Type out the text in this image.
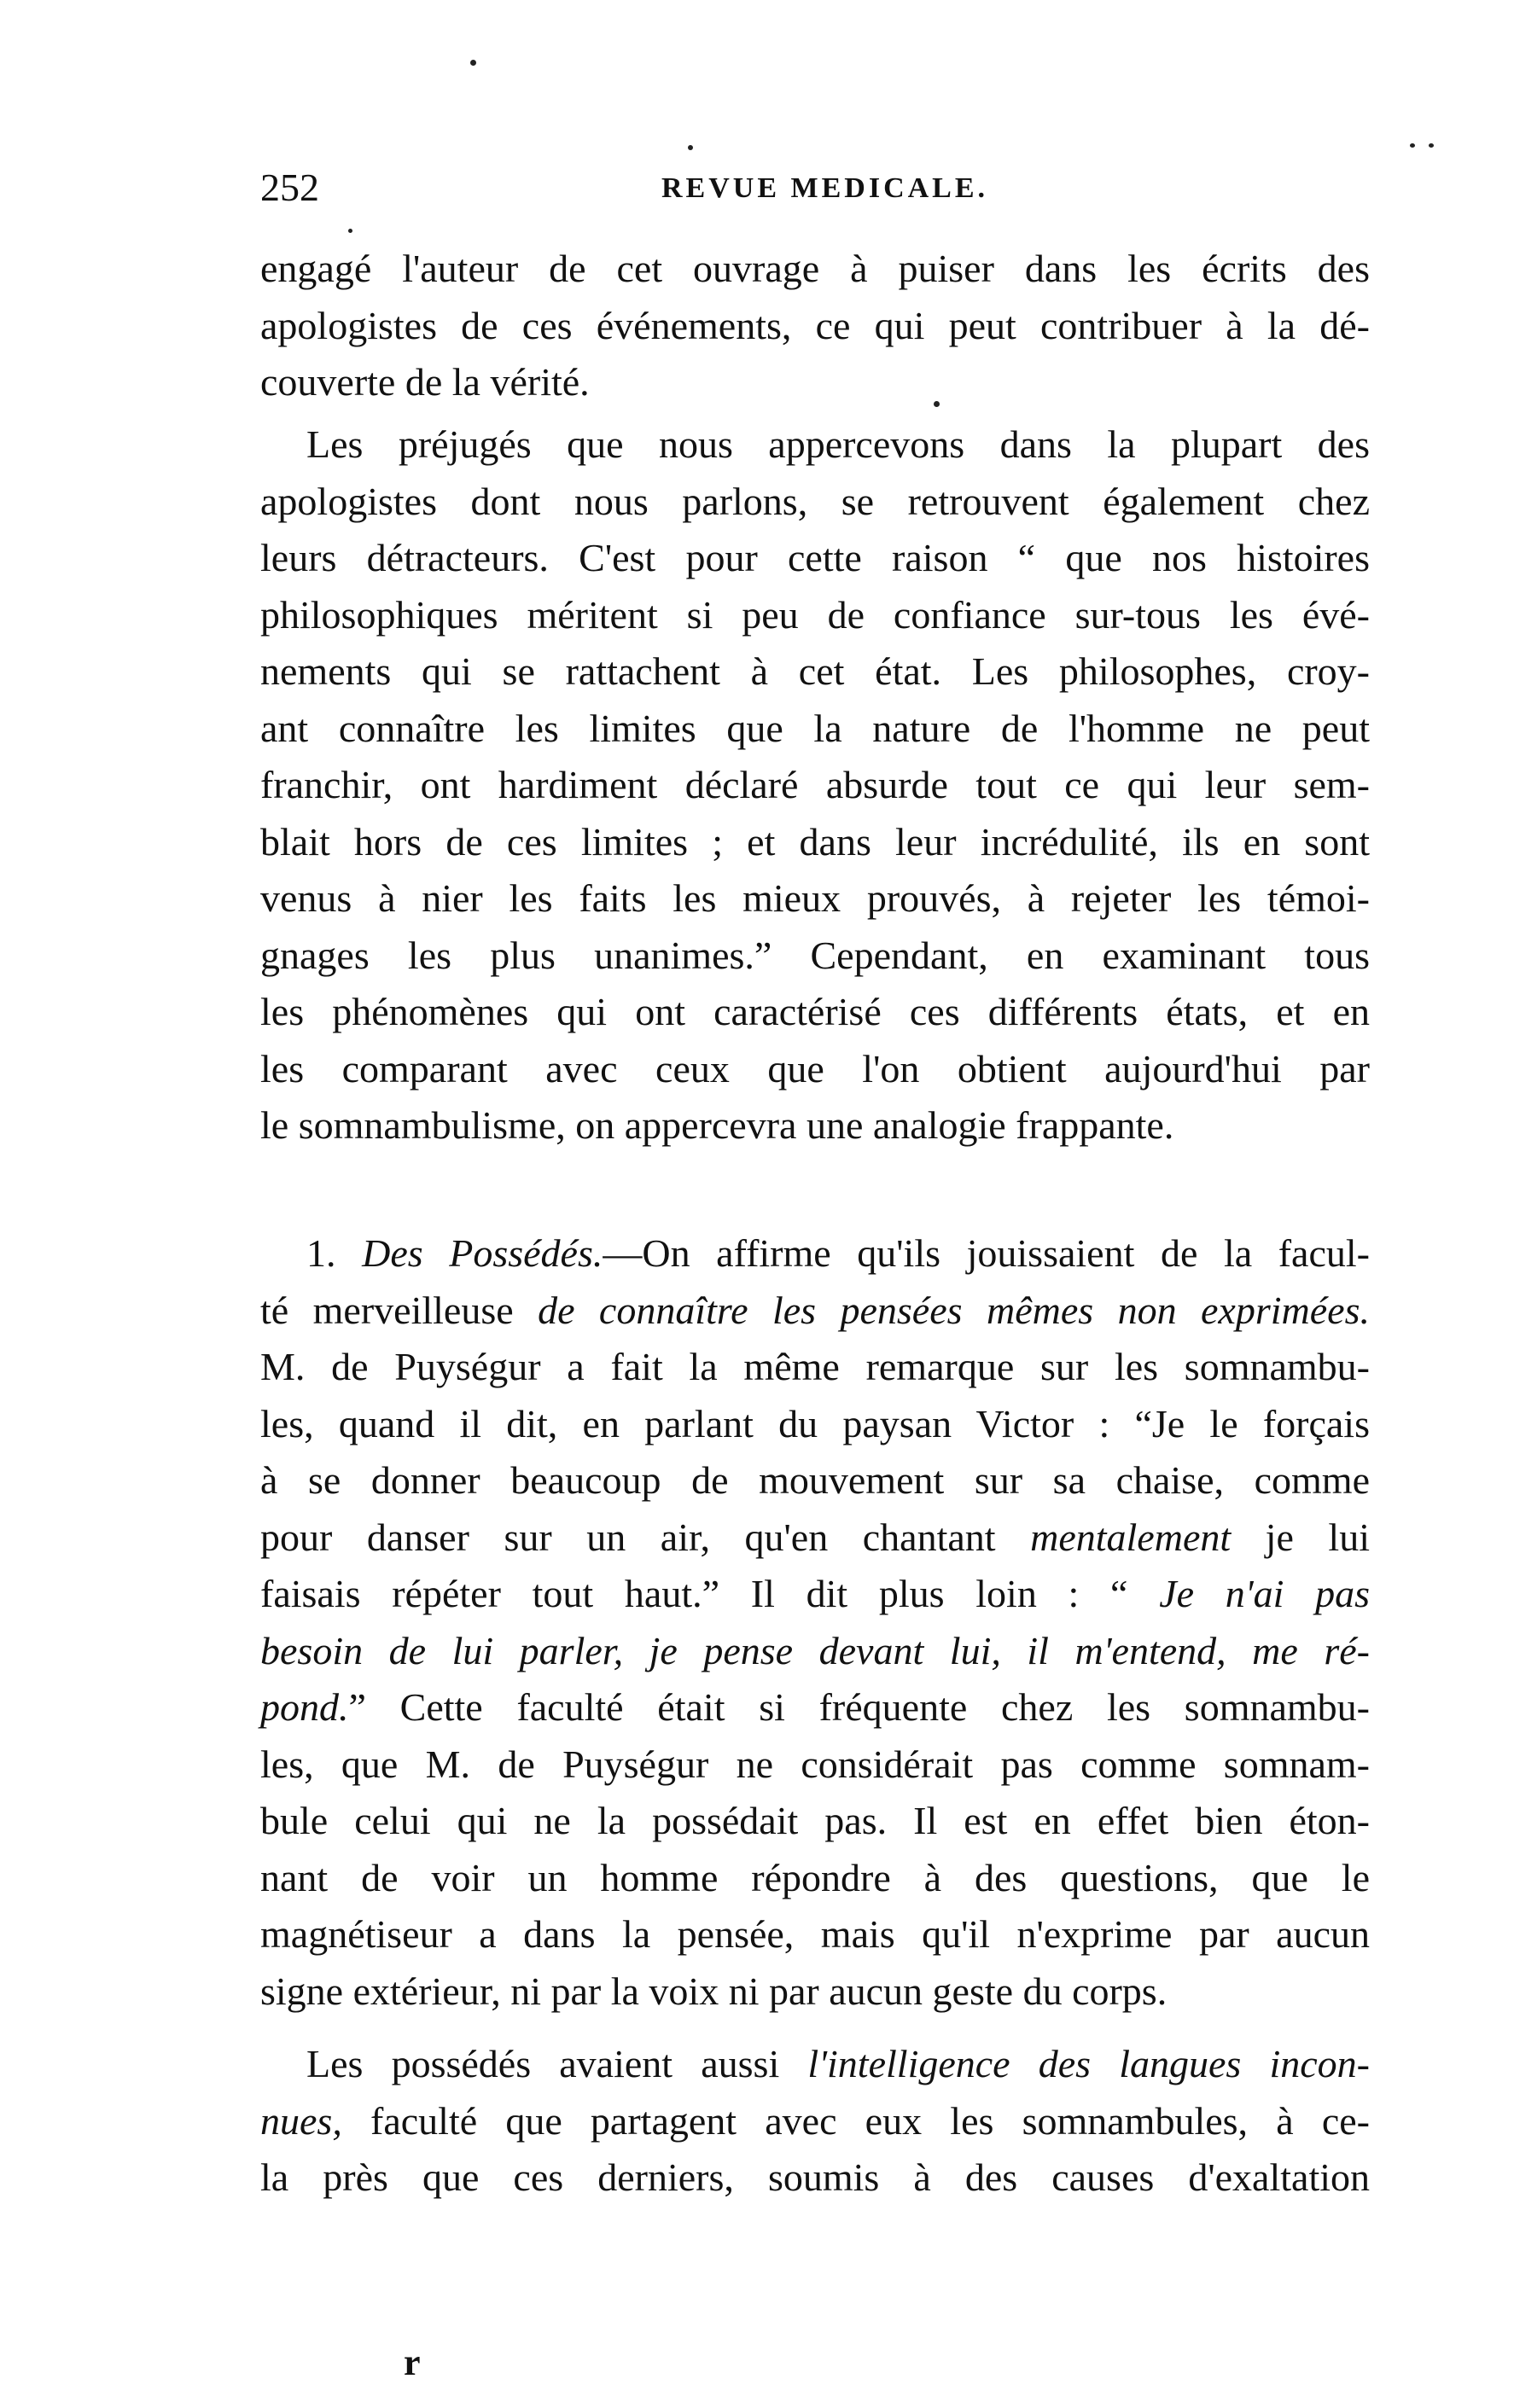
252	REVUE MEDICALE.
engagé l'auteur de cet ouvrage à puiser dans les écrits des
apologistes de ces événements, ce qui peut contribuer à la dé-
couverte de la vérité.
Les préjugés que nous appercevons dans la plupart des
apologistes dont nous parlons, se retrouvent également chez
leurs détracteurs. C'est pour cette raison “ que nos histoires
philosophiques méritent si peu de confiance sur-tous les évé-
nements qui se rattachent à cet état. Les philosophes, croy-
ant connaître les limites que la nature de l'homme ne peut
franchir, ont hardiment déclaré absurde tout ce qui leur sem-
blait hors de ces limites ; et dans leur incrédulité, ils en sont
venus à nier les faits les mieux prouvés, à rejeter les témoi-
gnages les plus unanimes.” Cependant, en examinant tous
les phénomènes qui ont caractérisé ces différents états, et en
les comparant avec ceux que l'on obtient aujourd'hui par
le somnambulisme, on appercevra une analogie frappante.
1. Des Possédés.—On affirme qu'ils jouissaient de la facul-
té merveilleuse de connaître les pensées mêmes non exprimées.
M. de Puységur a fait la même remarque sur les somnambu-
les, quand il dit, en parlant du paysan Victor : “Je le forçais
à se donner beaucoup de mouvement sur sa chaise, comme
pour danser sur un air, qu'en chantant mentalement je lui
faisais répéter tout haut.” Il dit plus loin : “ Je n'ai pas
besoin de lui parler, je pense devant lui, il m'entend, me ré-
pond.” Cette faculté était si fréquente chez les somnambu-
les, que M. de Puységur ne considérait pas comme somnam-
bule celui qui ne la possédait pas. Il est en effet bien éton-
nant de voir un homme répondre à des questions, que le
magnétiseur a dans la pensée, mais qu'il n'exprime par aucun
signe extérieur, ni par la voix ni par aucun geste du corps.
Les possédés avaient aussi l'intelligence des langues incon-
nues, faculté que partagent avec eux les somnambules, à ce-
la près que ces derniers, soumis à des causes d'exaltation
r
